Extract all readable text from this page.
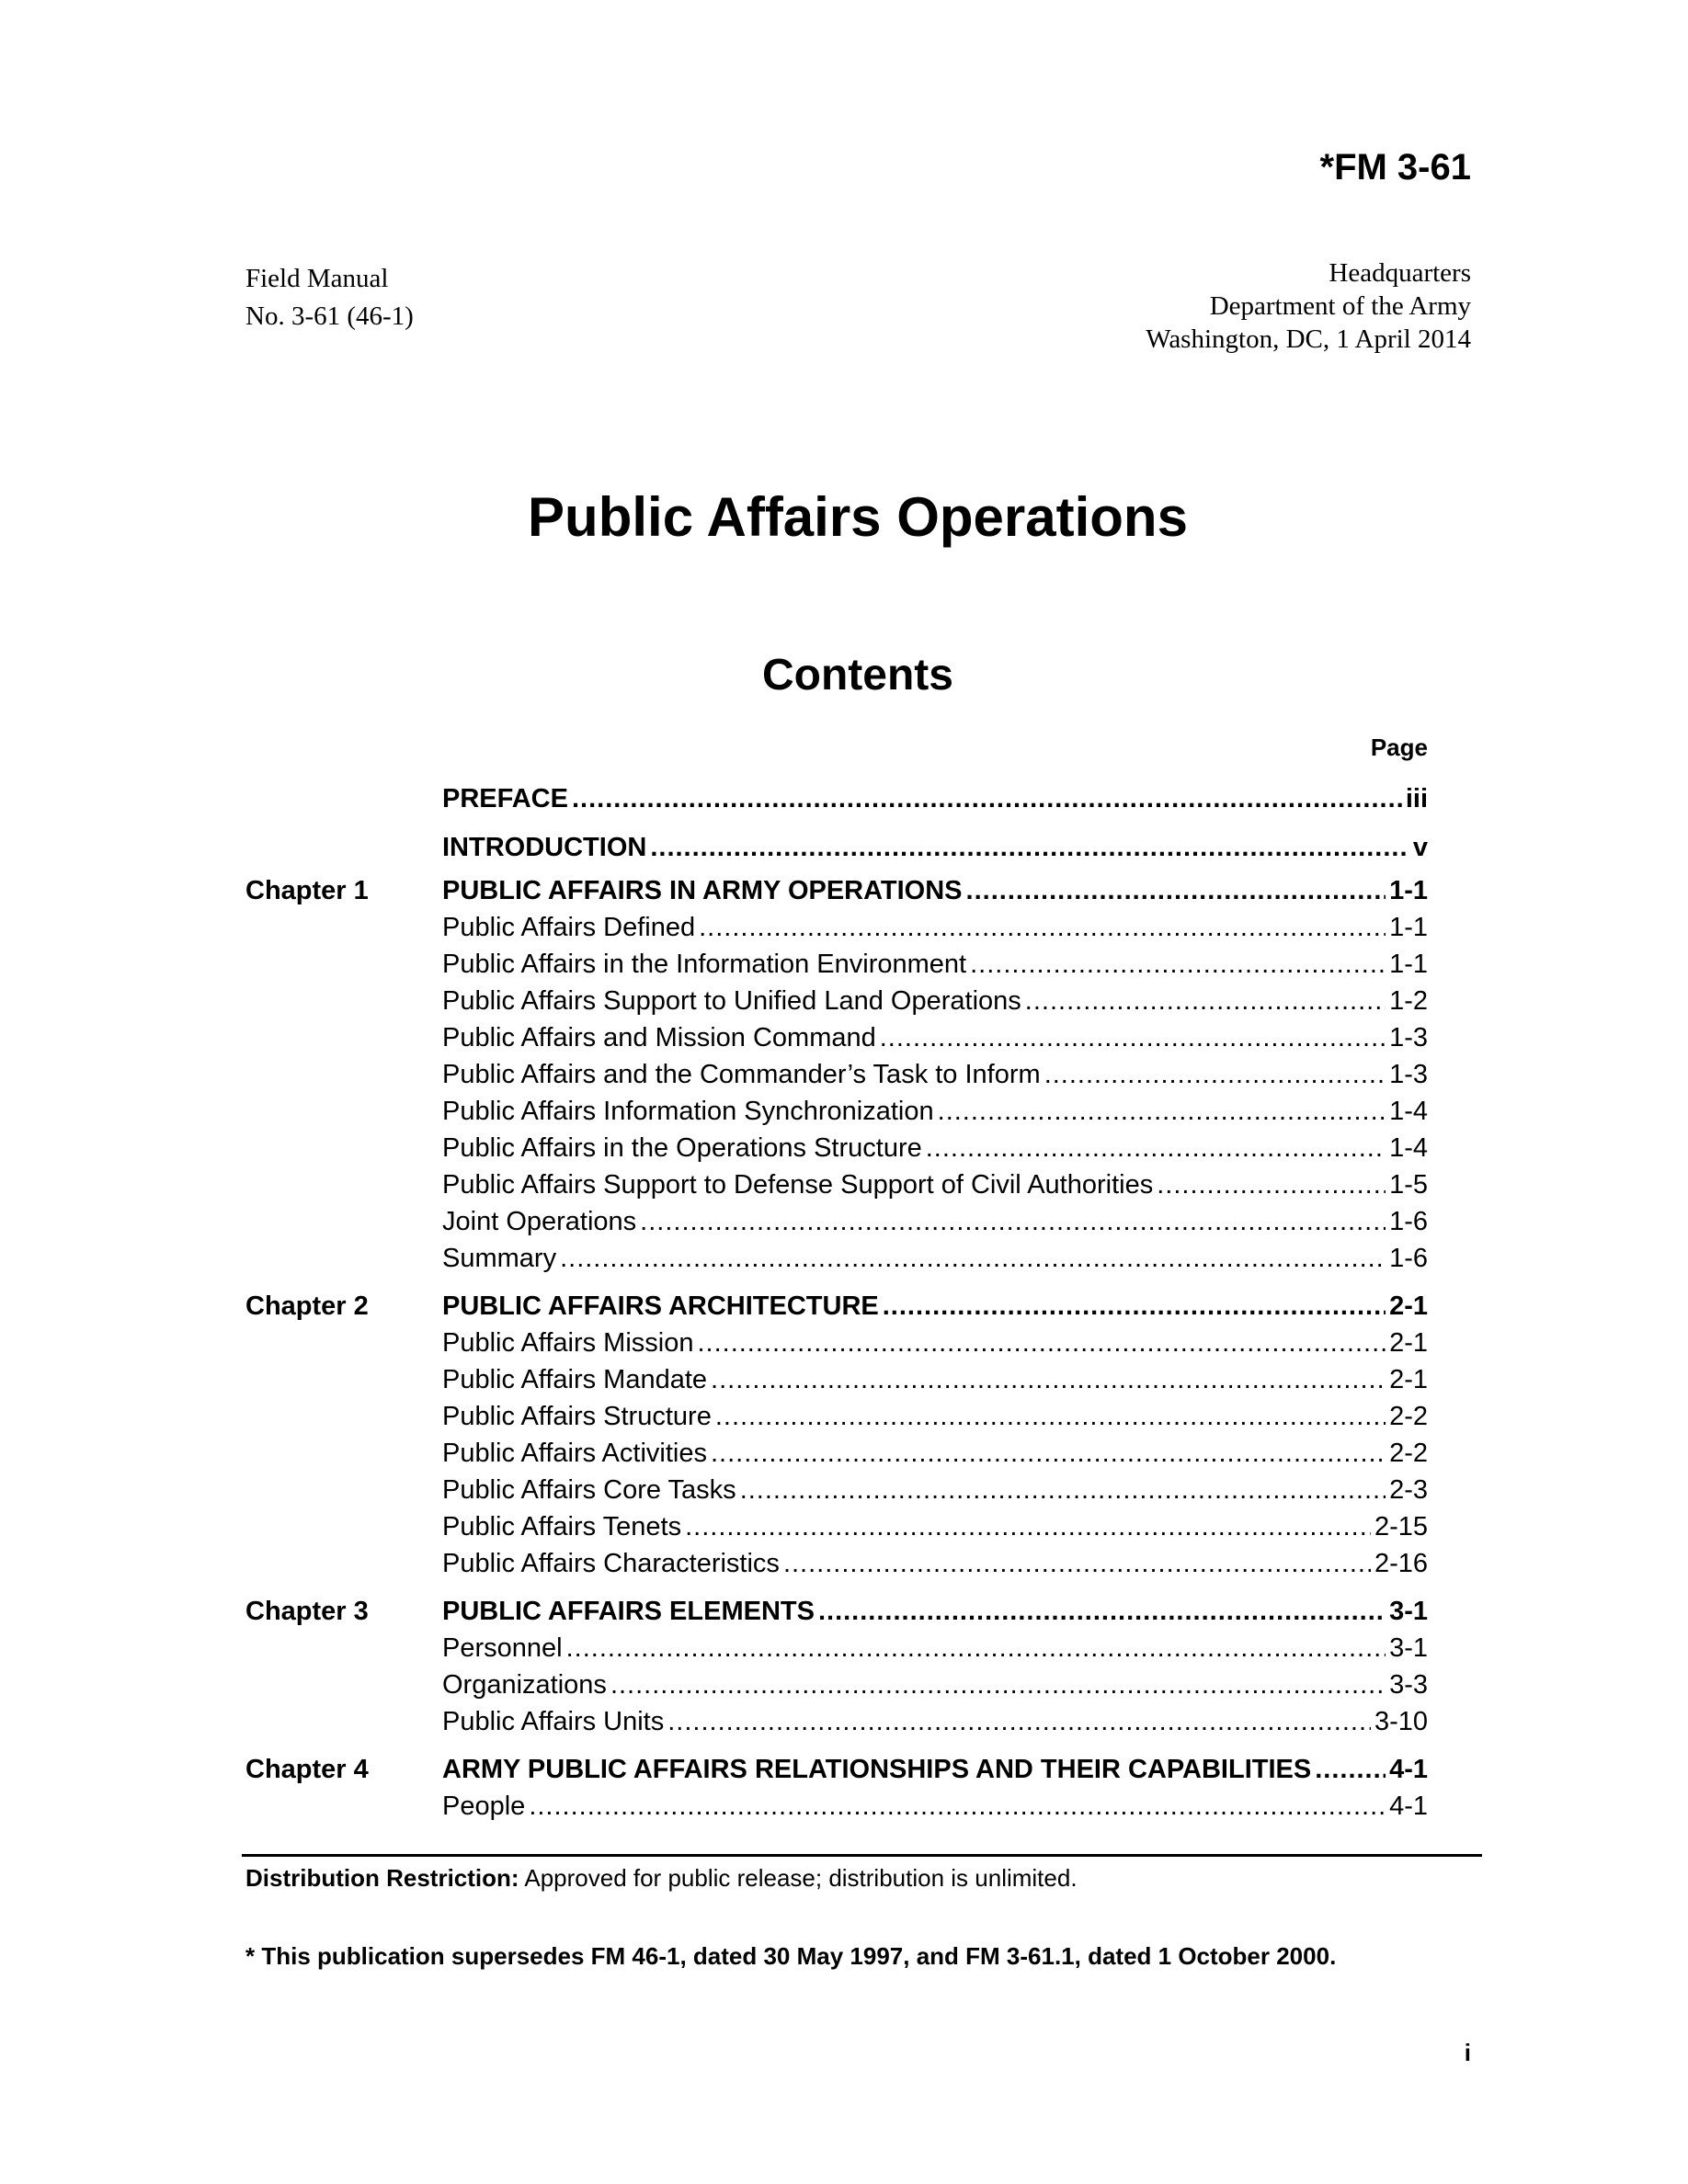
*FM 3-61
Field Manual
No. 3-61 (46-1)
Headquarters
Department of the Army
Washington, DC, 1 April 2014
Public Affairs Operations
Contents
Page
PREFACE .....	iii
INTRODUCTION .....	v
Chapter 1	PUBLIC AFFAIRS IN ARMY OPERATIONS .....	1-1
Public Affairs Defined .....	1-1
Public Affairs in the Information Environment .....	1-1
Public Affairs Support to Unified Land Operations .....	1-2
Public Affairs and Mission Command .....	1-3
Public Affairs and the Commander’s Task to Inform .....	1-3
Public Affairs Information Synchronization .....	1-4
Public Affairs in the Operations Structure .....	1-4
Public Affairs Support to Defense Support of Civil Authorities .....	1-5
Joint Operations .....	1-6
Summary .....	1-6
Chapter 2	PUBLIC AFFAIRS ARCHITECTURE .....	2-1
Public Affairs Mission .....	2-1
Public Affairs Mandate .....	2-1
Public Affairs Structure .....	2-2
Public Affairs Activities .....	2-2
Public Affairs Core Tasks .....	2-3
Public Affairs Tenets .....	2-15
Public Affairs Characteristics .....	2-16
Chapter 3	PUBLIC AFFAIRS ELEMENTS .....	3-1
Personnel .....	3-1
Organizations .....	3-3
Public Affairs Units .....	3-10
Chapter 4	ARMY PUBLIC AFFAIRS RELATIONSHIPS AND THEIR CAPABILITIES .....	4-1
People .....	4-1
Distribution Restriction: Approved for public release; distribution is unlimited.
* This publication supersedes FM 46-1, dated 30 May 1997, and FM 3-61.1, dated 1 October 2000.
i
